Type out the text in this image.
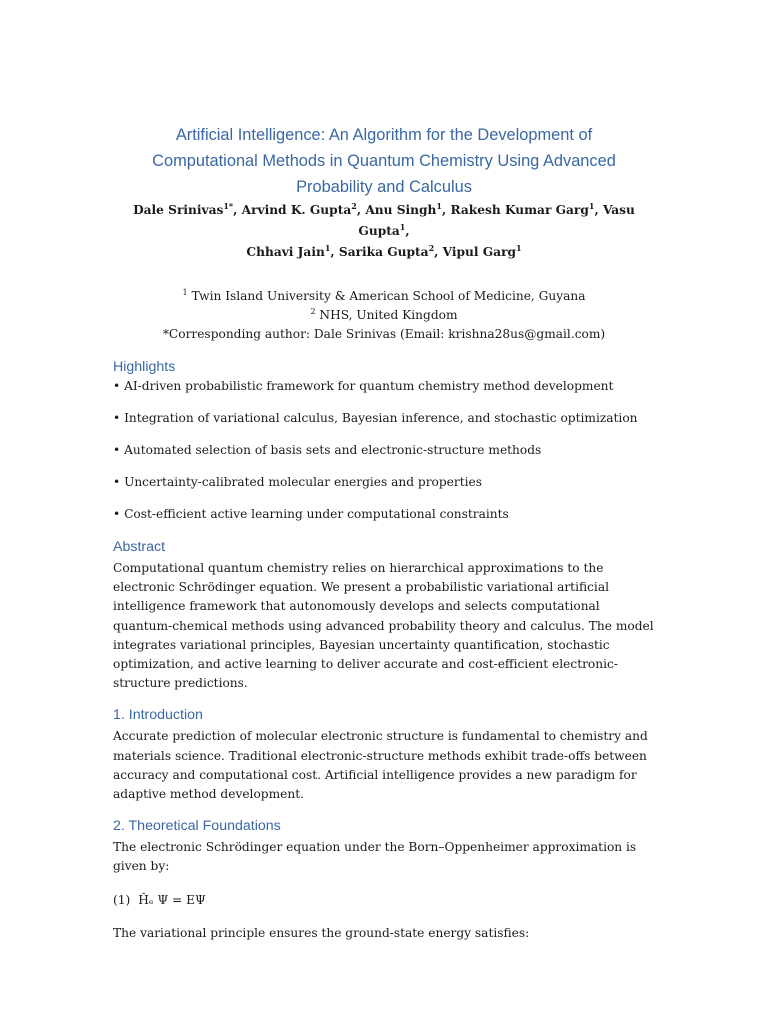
Artificial Intelligence: An Algorithm for the Development of
Computational Methods in Quantum Chemistry Using Advanced
Probability and Calculus
Dale Srinivas$^{1*}$, Arvind K. Gupta$^2$, Anu Singh$^1$, Rakesh Kumar Garg$^1$, Vasu Gupta$^1$,
Chhavi Jain$^1$, Sarika Gupta$^2$, Vipul Garg$^1$
$^1$ Twin Island University & American School of Medicine, Guyana
$^2$ NHS, United Kingdom
*Corresponding author: Dale Srinivas (Email: krishna28us@gmail.com)
Highlights
• AI-driven probabilistic framework for quantum chemistry method development
• Integration of variational calculus, Bayesian inference, and stochastic optimization
• Automated selection of basis sets and electronic-structure methods
• Uncertainty-calibrated molecular energies and properties
• Cost-efficient active learning under computational constraints
Abstract

Computational quantum chemistry relies on hierarchical approximations to the electronic Schrödinger equation. We present a probabilistic variational artificial intelligence framework that autonomously develops and selects computational quantum-chemical methods using advanced probability theory and calculus. The model integrates variational principles, Bayesian uncertainty quantification, stochastic optimization, and active learning to deliver accurate and cost-efficient electronic-structure predictions.

1. Introduction

Accurate prediction of molecular electronic structure is fundamental to chemistry and materials science. Traditional electronic-structure methods exhibit trade-offs between accuracy and computational cost. Artificial intelligence provides a new paradigm for adaptive method development.

2. Theoretical Foundations

The electronic Schrödinger equation under the Born–Oppenheimer approximation is given by:

(1) Ĥₑ Ψ = EΨ

The variational principle ensures the ground-state energy satisfies:
